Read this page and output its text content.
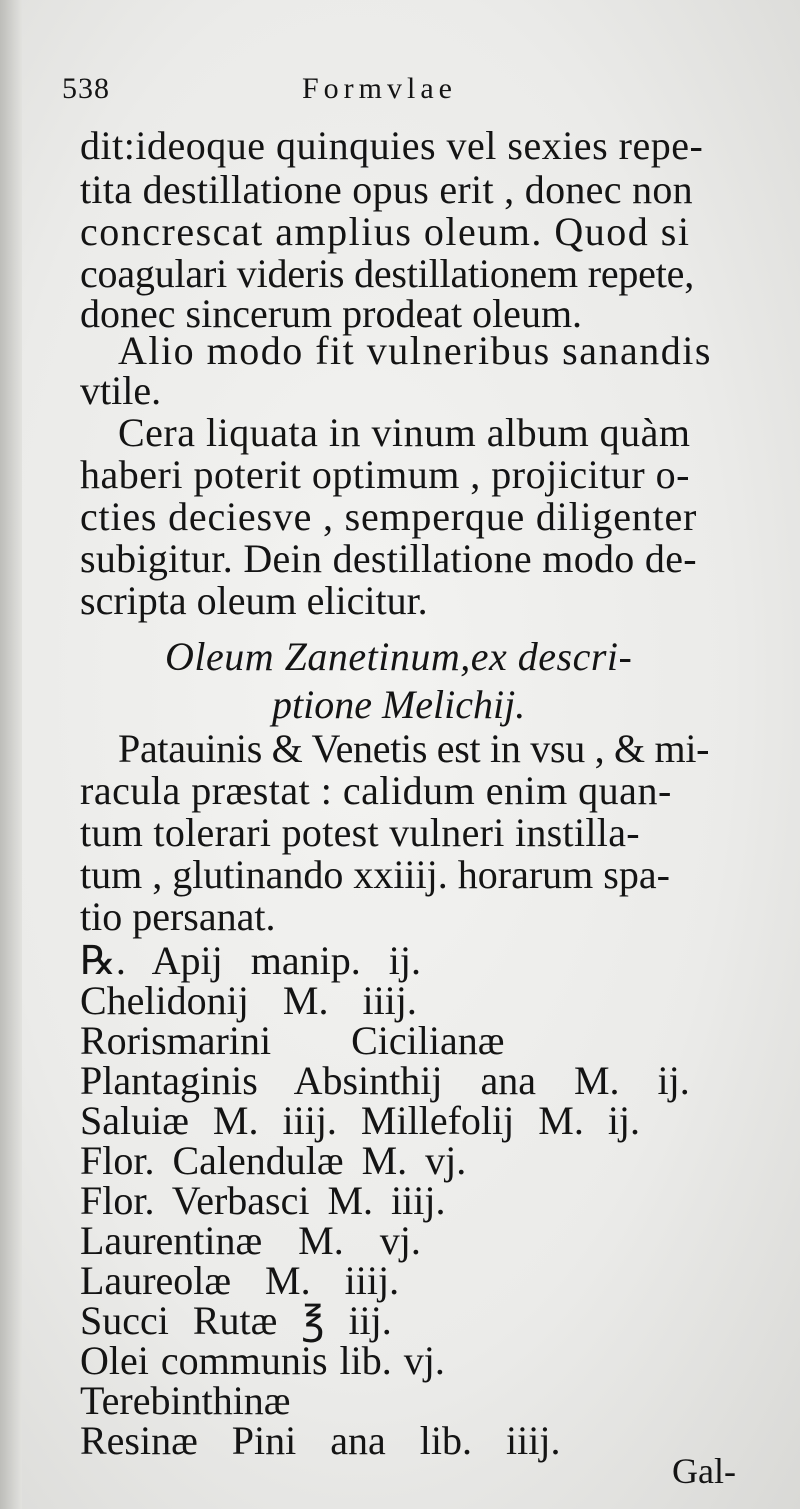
538	Formvlae
dit:ideoque quinquies vel sexies repe-
tita destillatione opus erit , donec non
concrescat amplius oleum. Quod si
coagulari videris destillationem repete,
donec sincerum prodeat oleum.
Alio modo fit vulneribus sanandis
vtile.
Cera liquata in vinum album quàm
haberi poterit optimum , projicitur o-
cties deciesve , semperque diligenter
subigitur. Dein destillatione modo de-
scripta oleum elicitur.
Oleum Zanetinum,ex descri-
ptione Melichij.
Patauinis & Venetis est in vsu , & mi-
racula præstat : calidum enim quan-
tum tolerari potest vulneri instilla-
tum , glutinando xxiiij. horarum spa-
tio persanat.
℞. Apij manip. ij.
Chelidonij M. iiij.
Rorismarini Cicilianæ
Plantaginis Absinthij ana M. ij.
Saluiæ M. iiij. Millefolij M. ij.
Flor. Calendulæ M. vj.
Flor. Verbasci M. iiij.
Laurentinæ M. vj.
Laureolæ M. iiij.
Succi Rutæ ℥ iij.
Olei communis lib. vj.
Terebinthinæ
Resinæ Pini ana lib. iiij.
Gal-
